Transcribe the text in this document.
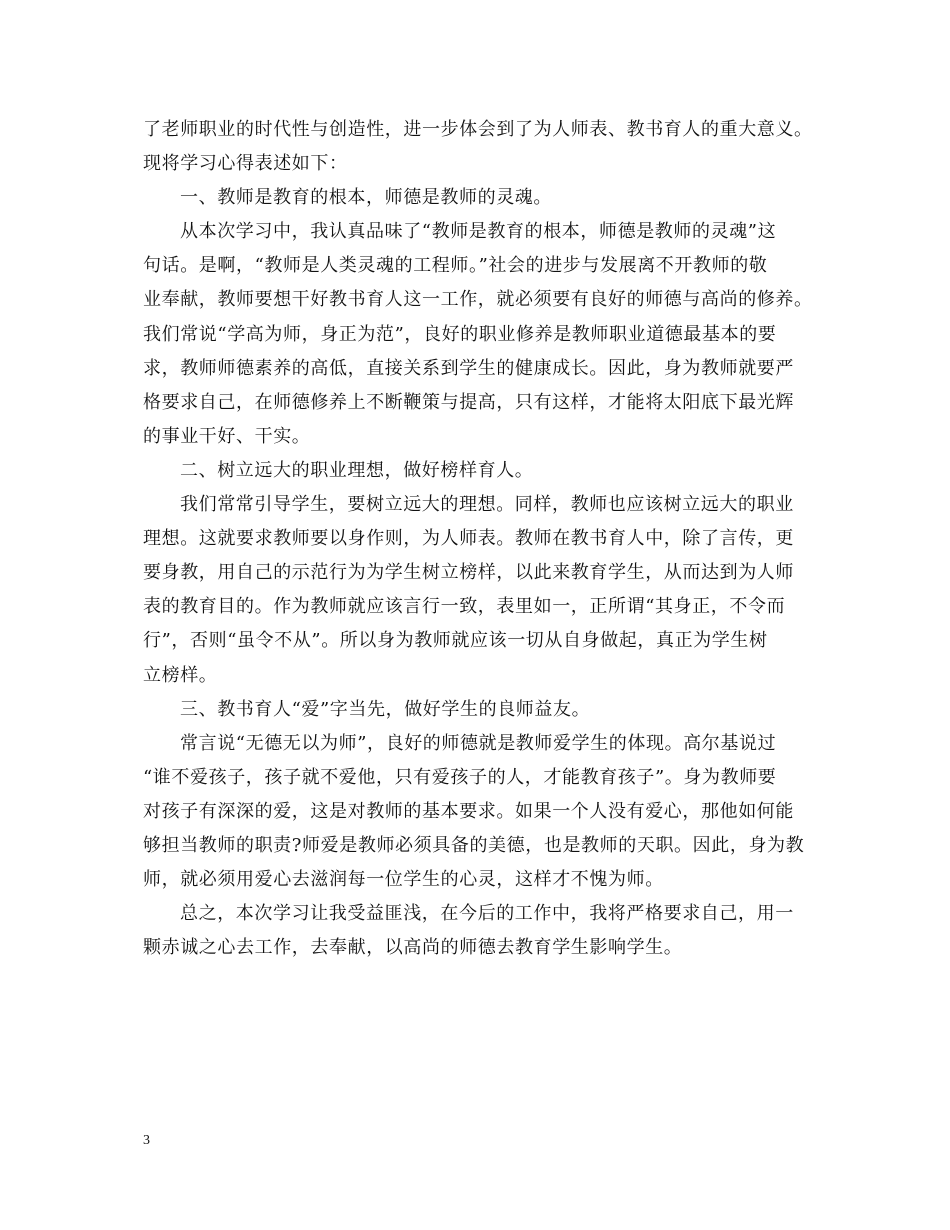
了老师职业的时代性与创造性，进一步体会到了为人师表、教书育人的重大意义。
现将学习心得表述如下：
一、教师是教育的根本，师德是教师的灵魂。
从本次学习中，我认真品味了“教师是教育的根本，师德是教师的灵魂”这
句话。是啊，“教师是人类灵魂的工程师。”社会的进步与发展离不开教师的敬
业奉献，教师要想干好教书育人这一工作，就必须要有良好的师德与高尚的修养。
我们常说“学高为师，身正为范”，良好的职业修养是教师职业道德最基本的要
求，教师师德素养的高低，直接关系到学生的健康成长。因此，身为教师就要严
格要求自己，在师德修养上不断鞭策与提高，只有这样，才能将太阳底下最光辉
的事业干好、干实。
二、树立远大的职业理想，做好榜样育人。
我们常常引导学生，要树立远大的理想。同样，教师也应该树立远大的职业
理想。这就要求教师要以身作则，为人师表。教师在教书育人中，除了言传，更
要身教，用自己的示范行为为学生树立榜样，以此来教育学生，从而达到为人师
表的教育目的。作为教师就应该言行一致，表里如一，正所谓“其身正，不令而
行”，否则“虽令不从”。所以身为教师就应该一切从自身做起，真正为学生树
立榜样。
三、教书育人“爱”字当先，做好学生的良师益友。
常言说“无德无以为师”，良好的师德就是教师爱学生的体现。高尔基说过
“谁不爱孩子，孩子就不爱他，只有爱孩子的人，才能教育孩子”。身为教师要
对孩子有深深的爱，这是对教师的基本要求。如果一个人没有爱心，那他如何能
够担当教师的职责?师爱是教师必须具备的美德，也是教师的天职。因此，身为教
师，就必须用爱心去滋润每一位学生的心灵，这样才不愧为师。
总之，本次学习让我受益匪浅，在今后的工作中，我将严格要求自己，用一
颗赤诚之心去工作，去奉献，以高尚的师德去教育学生影响学生。
3
